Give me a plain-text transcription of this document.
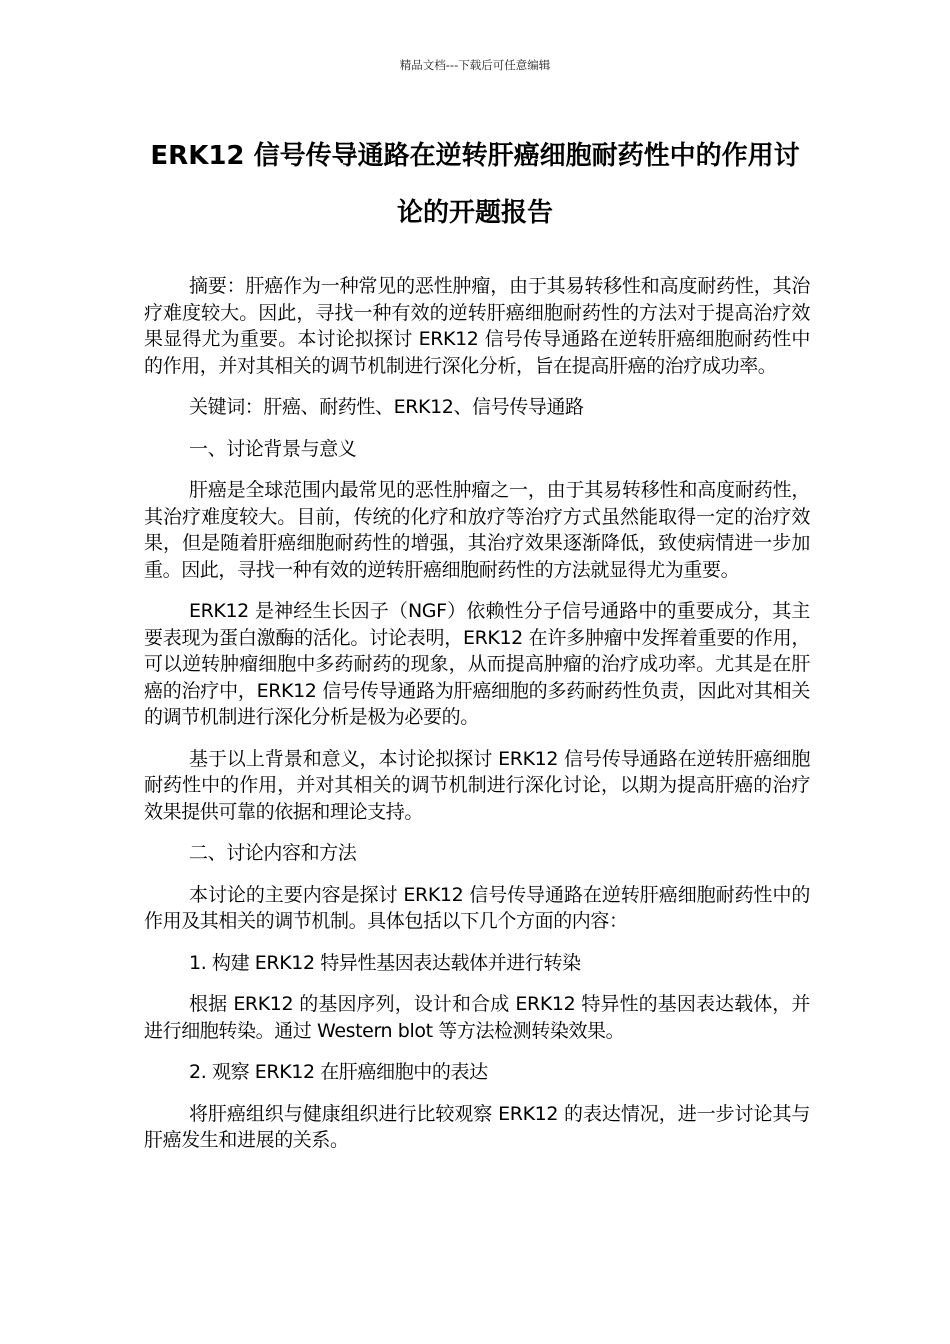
精品文档---下载后可任意编辑
ERK12 信号传导通路在逆转肝癌细胞耐药性中的作用讨论的开题报告

摘要：肝癌作为一种常见的恶性肿瘤，由于其易转移性和高度耐药性，其治疗难度较大。因此，寻找一种有效的逆转肝癌细胞耐药性的方法对于提高治疗效果显得尤为重要。本讨论拟探讨 ERK12 信号传导通路在逆转肝癌细胞耐药性中的作用，并对其相关的调节机制进行深化分析，旨在提高肝癌的治疗成功率。

关键词：肝癌、耐药性、ERK12、信号传导通路

一、讨论背景与意义

肝癌是全球范围内最常见的恶性肿瘤之一，由于其易转移性和高度耐药性，其治疗难度较大。目前，传统的化疗和放疗等治疗方式虽然能取得一定的治疗效果，但是随着肝癌细胞耐药性的增强，其治疗效果逐渐降低，致使病情进一步加重。因此，寻找一种有效的逆转肝癌细胞耐药性的方法就显得尤为重要。

ERK12 是神经生长因子（NGF）依赖性分子信号通路中的重要成分，其主要表现为蛋白激酶的活化。讨论表明，ERK12 在许多肿瘤中发挥着重要的作用，可以逆转肿瘤细胞中多药耐药的现象，从而提高肿瘤的治疗成功率。尤其是在肝癌的治疗中，ERK12 信号传导通路为肝癌细胞的多药耐药性负责，因此对其相关的调节机制进行深化分析是极为必要的。

基于以上背景和意义，本讨论拟探讨 ERK12 信号传导通路在逆转肝癌细胞耐药性中的作用，并对其相关的调节机制进行深化讨论，以期为提高肝癌的治疗效果提供可靠的依据和理论支持。

二、讨论内容和方法

本讨论的主要内容是探讨 ERK12 信号传导通路在逆转肝癌细胞耐药性中的作用及其相关的调节机制。具体包括以下几个方面的内容：

1. 构建 ERK12 特异性基因表达载体并进行转染

根据 ERK12 的基因序列，设计和合成 ERK12 特异性的基因表达载体，并进行细胞转染。通过 Western blot 等方法检测转染效果。

2. 观察 ERK12 在肝癌细胞中的表达

将肝癌组织与健康组织进行比较观察 ERK12 的表达情况，进一步讨论其与肝癌发生和进展的关系。
